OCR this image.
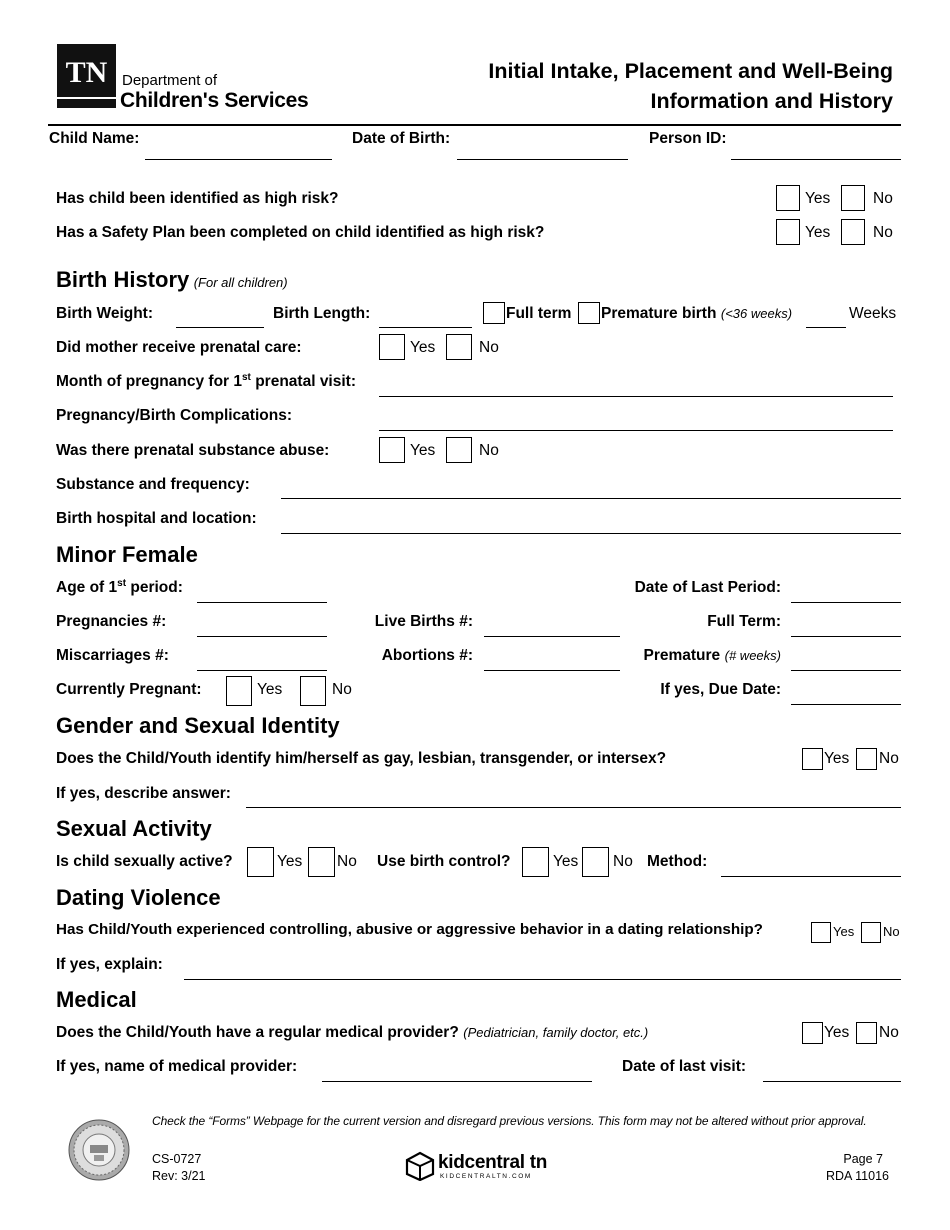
TN Department of
Children's Services
Initial Intake, Placement and Well-Being
Information and History
Child Name:	Date of Birth:	Person ID:
Has child been identified as high risk?	Yes	No
Has a Safety Plan been completed on child identified as high risk?	Yes	No
Birth History (For all children)
Birth Weight:	Birth Length:	Full term Premature birth (<36 weeks)	Weeks
Did mother receive prenatal care:	Yes	No
Month of pregnancy for 1st prenatal visit:
Pregnancy/Birth Complications:
Was there prenatal substance abuse:	Yes	No
Substance and frequency:
Birth hospital and location:
Minor Female
Age of 1st period:	Date of Last Period:
Pregnancies #:	Live Births #:	Full Term:
Miscarriages #:	Abortions #:	Premature (# weeks)
Currently Pregnant:	Yes	No	If yes, Due Date:
Gender and Sexual Identity
Does the Child/Youth identify him/herself as gay, lesbian, transgender, or intersex?	Yes No
If yes, describe answer:
Sexual Activity
Is child sexually active?	Yes No Use birth control?	Yes No Method:
Dating Violence
Has Child/Youth experienced controlling, abusive or aggressive behavior in a dating relationship?	Yes No
If yes, explain:
Medical
Does the Child/Youth have a regular medical provider? (Pediatrician, family doctor, etc.)	Yes No
If yes, name of medical provider:	Date of last visit:
Check the “Forms” Webpage for the current version and disregard previous versions. This form may not be altered without prior approval.
CS-0727
Rev: 3/21
kidcentral tn
KIDCENTRALTN.COM
Page 7
RDA 11016
